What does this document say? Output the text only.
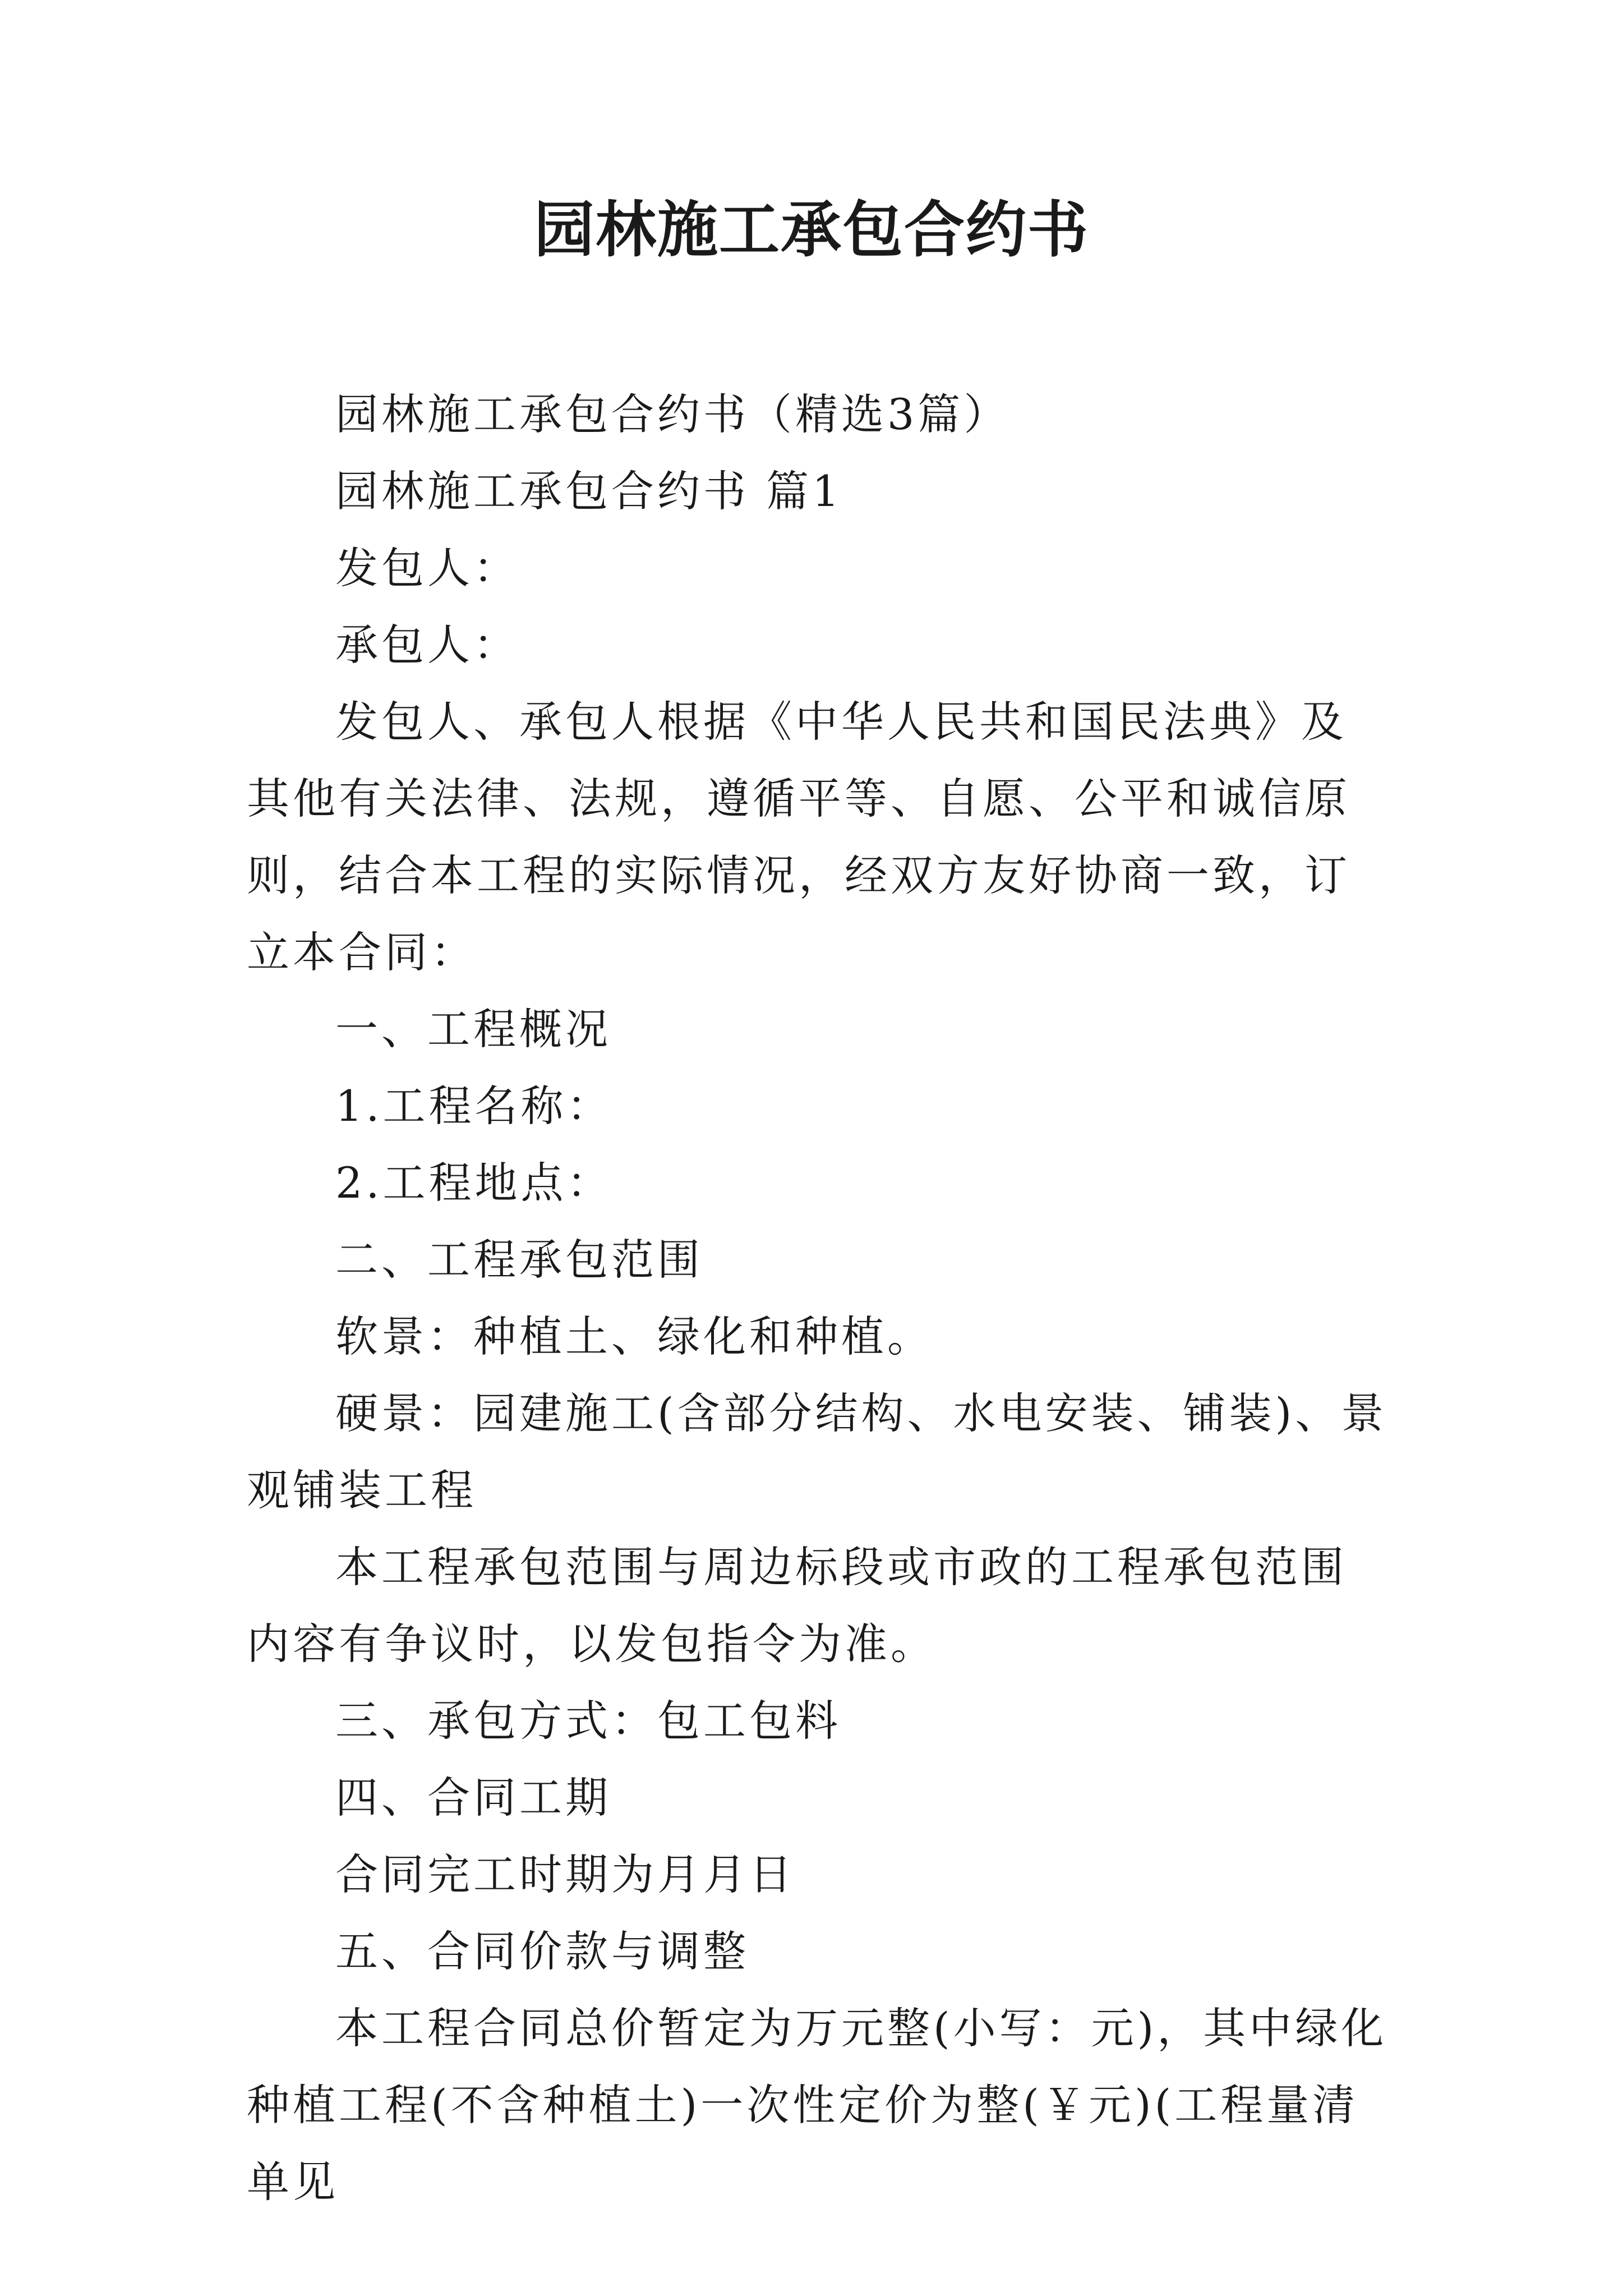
园林施工承包合约书

园林施工承包合约书（精选3篇）

园林施工承包合约书 篇1

发包人：

承包人：

发包人、承包人根据《中华人民共和国民法典》及其他有关法律、法规，遵循平等、自愿、公平和诚信原则，结合本工程的实际情况，经双方友好协商一致，订立本合同：

一、工程概况

1.工程名称：

2.工程地点：

二、工程承包范围

软景：种植土、绿化和种植。

硬景：园建施工(含部分结构、水电安装、铺装)、景观铺装工程

本工程承包范围与周边标段或市政的工程承包范围内容有争议时，以发包指令为准。

三、承包方式：包工包料

四、合同工期

合同完工时期为月月日

五、合同价款与调整

本工程合同总价暂定为万元整(小写：元)，其中绿化种植工程(不含种植土)一次性定价为整(￥元)(工程量清单见
